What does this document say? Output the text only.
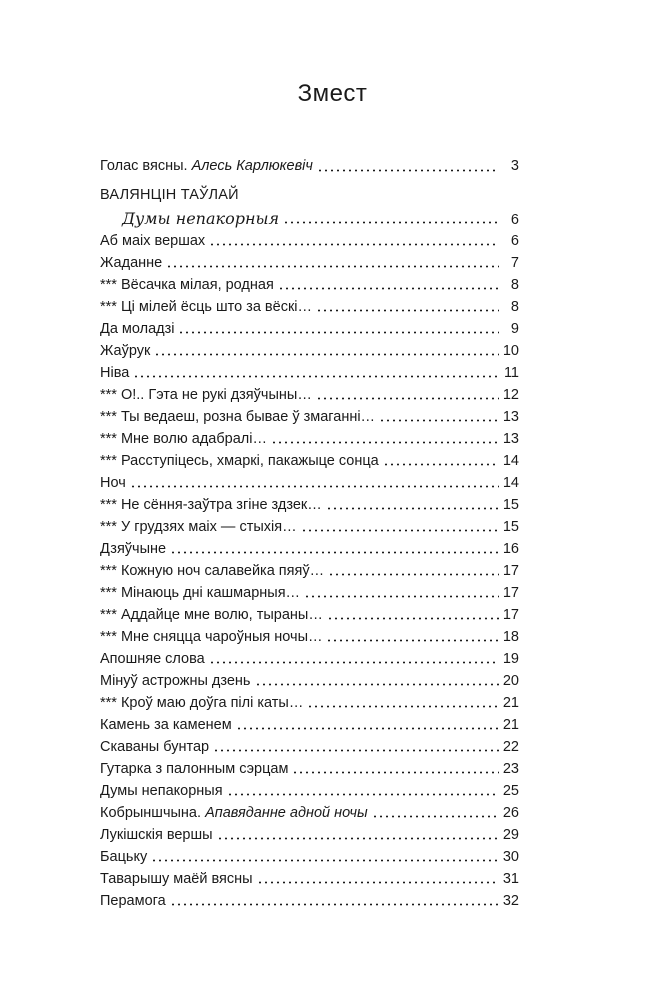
Змест
Голас вясны. Алесь Карлюкевіч	3
ВАЛЯНЦІН ТАЎЛАЙ
Думы непакорныя	6
Аб маіх вершах	6
Жаданне	7
*** Вёсачка мілая, родная	8
*** Ці мілей ёсць што за вёскі…	8
Да моладзі	9
Жаўрук	10
Ніва	11
*** О!.. Гэта не рукі дзяўчыны…	12
*** Ты ведаеш, розна бывае ў змаганні…	13
*** Мне волю адабралі…	13
*** Расступіцесь, хмаркі, пакажыце сонца	14
Ноч	14
*** Не сёння-заўтра згіне здзек…	15
*** У грудзях маіх — стыхія…	15
Дзяўчыне	16
*** Кожную ноч салавейка пяяў…	17
*** Мінаюць дні кашмарныя…	17
*** Аддайце мне волю, тыраны…	17
*** Мне сняцца чароўныя ночы…	18
Апошняе слова	19
Мінуў астрожны дзень	20
*** Крoў маю доўга пілі каты…	21
Камень за каменем	21
Скаваны бунтар	22
Гутарка з палонным сэрцам	23
Думы непакорныя	25
Кобрыншчына. Апавяданне адной ночы	26
Лукішскія вершы	29
Бацьку	30
Таварышу маёй вясны	31
Перамога	32
